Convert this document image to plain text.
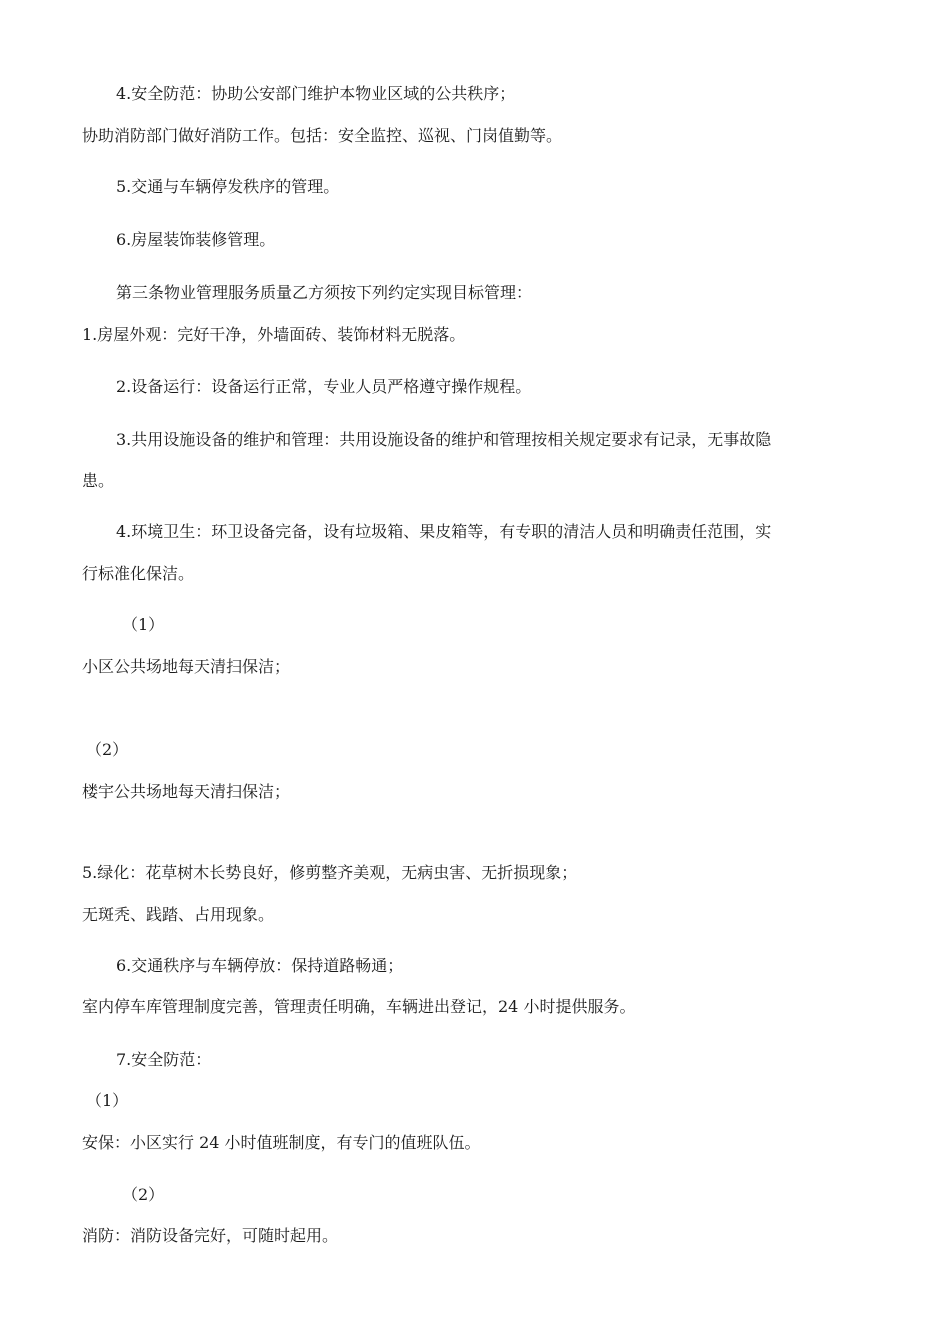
4.安全防范：协助公安部门维护本物业区域的公共秩序；
协助消防部门做好消防工作。包括：安全监控、巡视、门岗值勤等。
5.交通与车辆停发秩序的管理。
6.房屋装饰装修管理。
第三条物业管理服务质量乙方须按下列约定实现目标管理：
1.房屋外观：完好干净，外墙面砖、装饰材料无脱落。
2.设备运行：设备运行正常，专业人员严格遵守操作规程。
3.共用设施设备的维护和管理：共用设施设备的维护和管理按相关规定要求有记录，无事故隐
患。
4.环境卫生：环卫设备完备，设有垃圾箱、果皮箱等，有专职的清洁人员和明确责任范围，实
行标准化保洁。
（1）
小区公共场地每天清扫保洁；
（2）
楼宇公共场地每天清扫保洁；
5.绿化：花草树木长势良好，修剪整齐美观，无病虫害、无折损现象；
无斑秃、践踏、占用现象。
6.交通秩序与车辆停放：保持道路畅通；
室内停车库管理制度完善，管理责任明确，车辆进出登记，24 小时提供服务。
7.安全防范：
（1）
安保：小区实行 24 小时值班制度，有专门的值班队伍。
（2）
消防：消防设备完好，可随时起用。
